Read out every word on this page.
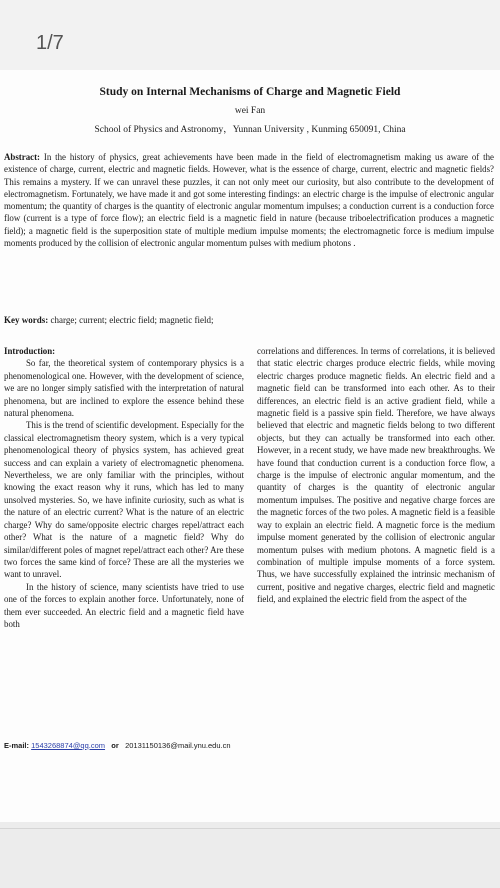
1/7
Study on Internal Mechanisms of Charge and Magnetic Field
wei Fan
School of Physics and Astronomy，Yunnan University , Kunming 650091, China
Abstract: In the history of physics, great achievements have been made in the field of electromagnetism making us aware of the existence of charge, current, electric and magnetic fields. However, what is the essence of charge, current, electric and magnetic fields? This remains a mystery. If we can unravel these puzzles, it can not only meet our curiosity, but also contribute to the development of electromagnetism. Fortunately, we have made it and got some interesting findings: an electric charge is the impulse of electronic angular momentum; the quantity of charges is the quantity of electronic angular momentum impulses; a conduction current is a conduction force flow (current is a type of force flow); an electric field is a magnetic field in nature (because triboelectrification produces a magnetic field); a magnetic field is the superposition state of multiple medium impulse moments; the electromagnetic force is medium impulse moments produced by the collision of electronic angular momentum pulses with medium photons .
Key words: charge; current; electric field; magnetic field;

Introduction:

So far, the theoretical system of contemporary physics is a phenomenological one. However, with the development of science, we are no longer simply satisfied with the interpretation of natural phenomena, but are inclined to explore the essence behind these natural phenomena.

This is the trend of scientific development. Especially for the classical electromagnetism theory system, which is a very typical phenomenological theory of physics system, has achieved great success and can explain a variety of electromagnetic phenomena. Nevertheless, we are only familiar with the principles, without knowing the exact reason why it runs, which has led to many unsolved mysteries. So, we have infinite curiosity, such as what is the nature of an electric current? What is the nature of an electric charge? Why do same/opposite electric charges repel/attract each other? What is the nature of a magnetic field? Why do similar/different poles of magnet repel/attract each other? Are these two forces the same kind of force? These are all the mysteries we want to unravel.

In the history of science, many scientists have tried to use one of the forces to explain another force. Unfortunately, none of them ever succeeded. An electric field and a magnetic field have both

correlations and differences. In terms of correlations, it is believed that static electric charges produce electric fields, while moving electric charges produce magnetic fields. An electric field and a magnetic field can be transformed into each other. As to their differences, an electric field is an active gradient field, while a magnetic field is a passive spin field. Therefore, we have always believed that electric and magnetic fields belong to two different objects, but they can actually be transformed into each other. However, in a recent study, we have made new breakthroughs. We have found that conduction current is a conduction force flow, a charge is the impulse of electronic angular momentum, and the quantity of charges is the quantity of electronic angular momentum impulses. The positive and negative charge forces are the magnetic forces of the two poles. A magnetic field is a feasible way to explain an electric field. A magnetic force is the medium impulse moment generated by the collision of electronic angular momentum pulses with medium photons. A magnetic field is a combination of multiple impulse moments of a force system. Thus, we have successfully explained the intrinsic mechanism of current, positive and negative charges, electric field and magnetic field, and explained the electric field from the aspect of the

E-mail: 1543268874@qq.com or 20131150136@mail.ynu.edu.cn
